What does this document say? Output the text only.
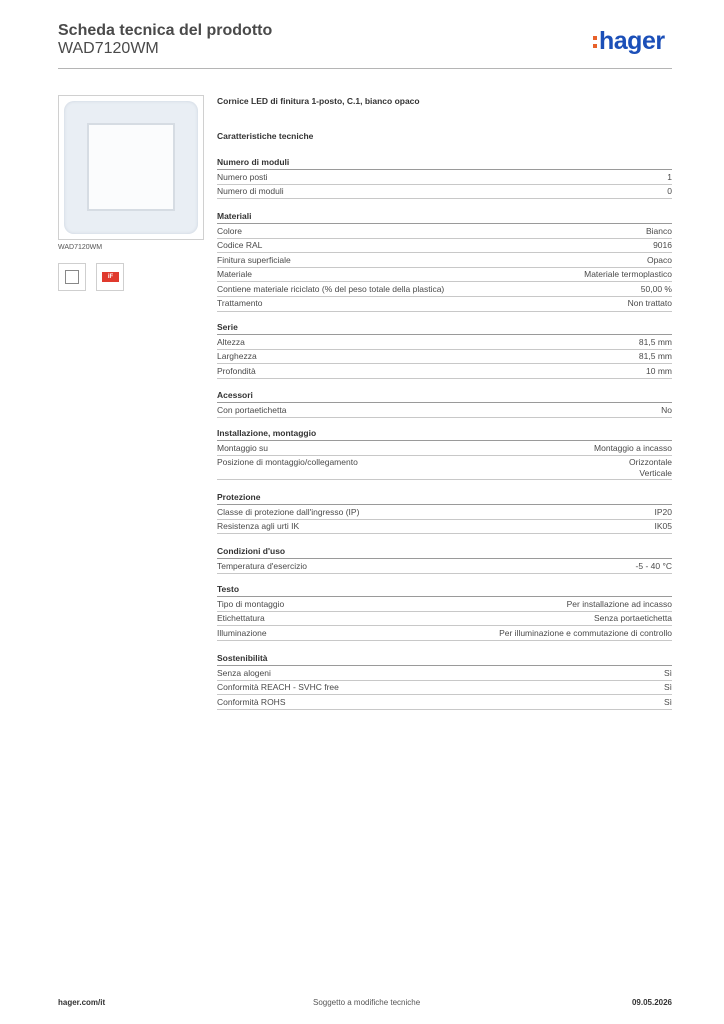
Scheda tecnica del prodotto
WAD7120WM	hager
WAD7120WM
iF
Cornice LED di finitura 1-posto, C.1, bianco opaco
Caratteristiche tecniche
Numero di moduli
Numero posti	1
Numero di moduli	0
Materiali
Colore	Bianco
Codice RAL	9016
Finitura superficiale	Opaco
Materiale	Materiale termoplastico
Contiene materiale riciclato (% del peso totale della plastica)	50,00 %
Trattamento	Non trattato
Serie
Altezza	81,5 mm
Larghezza	81,5 mm
Profondità	10 mm
Acessori
Con portaetichetta	No
Installazione, montaggio
Montaggio su	Montaggio a incasso
Posizione di montaggio/collegamento	Orizzontale
Verticale
Protezione
Classe di protezione dall'ingresso (IP)	IP20
Resistenza agli urti IK	IK05
Condizioni d'uso
Temperatura d'esercizio	-5 - 40 °C
Testo
Tipo di montaggio	Per installazione ad incasso
Etichettatura	Senza portaetichetta
Illuminazione	Per illuminazione e commutazione di controllo
Sostenibilità
Senza alogeni	Sì
Conformità REACH - SVHC free	Sì
Conformità ROHS	Sì
hager.com/it	Soggetto a modifiche tecniche	09.05.2026
